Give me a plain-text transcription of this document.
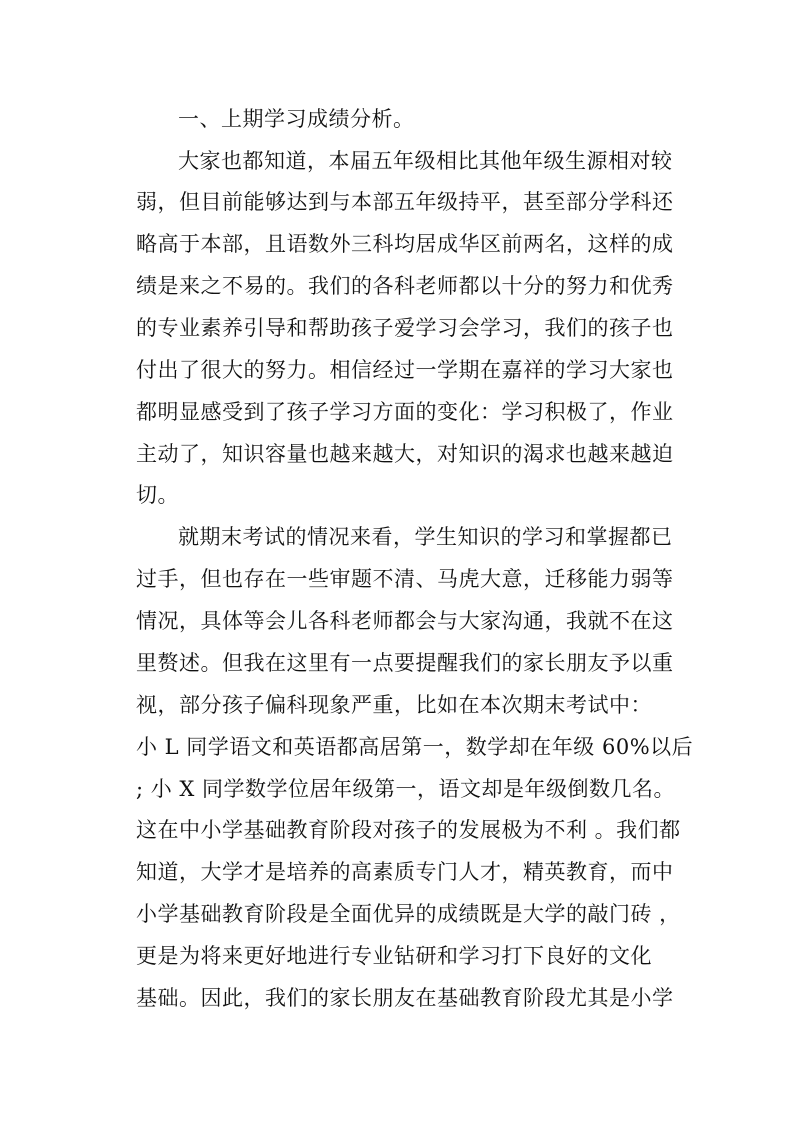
一、上期学习成绩分析。
大家也都知道，本届五年级相比其他年级生源相对较
弱，但目前能够达到与本部五年级持平，甚至部分学科还
略高于本部，且语数外三科均居成华区前两名，这样的成
绩是来之不易的。我们的各科老师都以十分的努力和优秀
的专业素养引导和帮助孩子爱学习会学习，我们的孩子也
付出了很大的努力。相信经过一学期在嘉祥的学习大家也
都明显感受到了孩子学习方面的变化：学习积极了，作业
主动了，知识容量也越来越大，对知识的渴求也越来越迫
切。
就期末考试的情况来看，学生知识的学习和掌握都已
过手，但也存在一些审题不清、马虎大意，迁移能力弱等
情况，具体等会儿各科老师都会与大家沟通，我就不在这
里赘述。但我在这里有一点要提醒我们的家长朋友予以重
视，部分孩子偏科现象严重，比如在本次期末考试中：
小 L 同学语文和英语都高居第一，数学却在年级 60%以后
; 小 X 同学数学位居年级第一，语文却是年级倒数几名。
这在中小学基础教育阶段对孩子的发展极为不利 。我们都
知道，大学才是培养的高素质专门人才，精英教育，而中
小学基础教育阶段是全面优异的成绩既是大学的敲门砖 ，
更是为将来更好地进行专业钻研和学习打下良好的文化
基础。因此，我们的家长朋友在基础教育阶段尤其是小学
